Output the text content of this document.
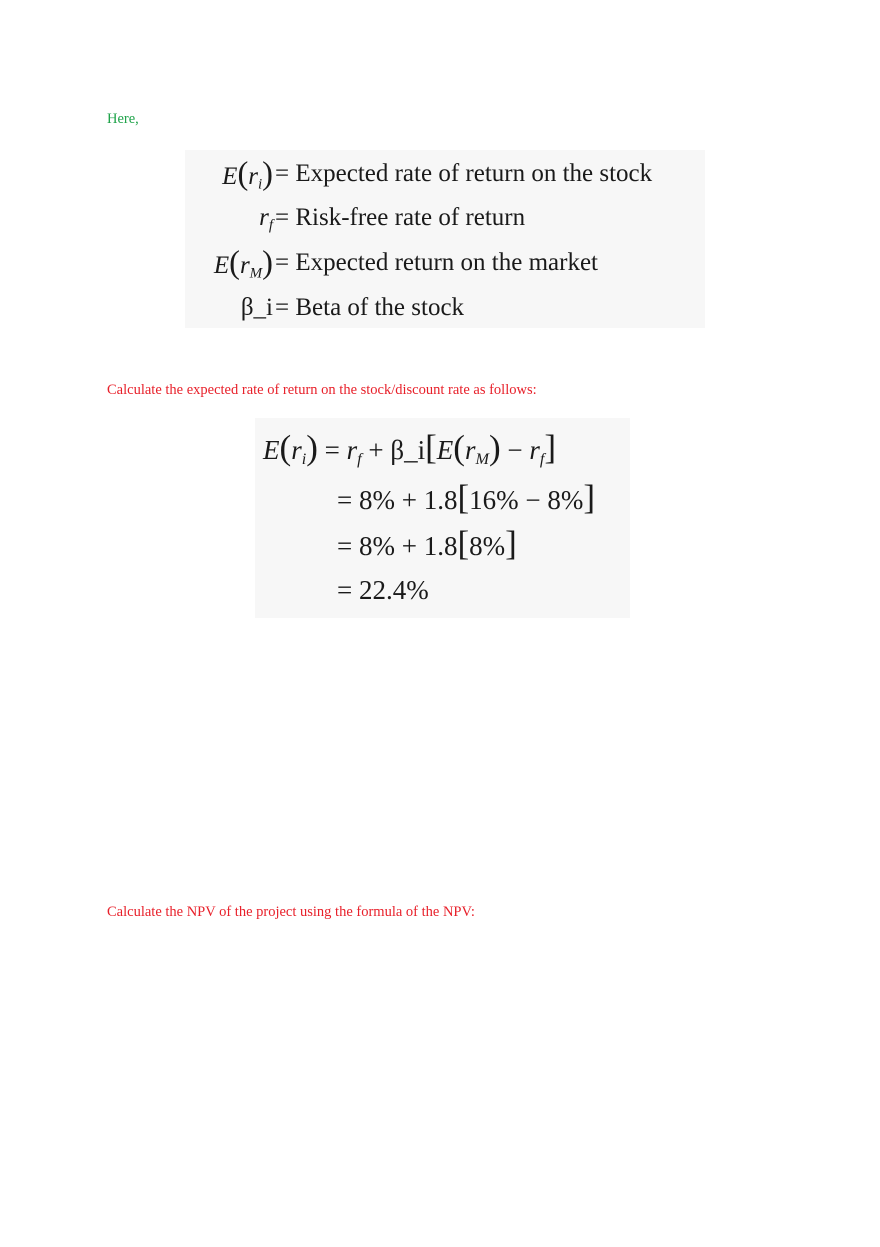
Here,
$E(r_i)$ = Expected rate of return on the stock
$r_f$ = Risk-free rate of return
$E(r_M)$ = Expected return on the market
β_i = Beta of the stock
Calculate the expected rate of return on the stock/discount rate as follows:
$E(r_i) = r_f$ + $\beta\_i[E(r_M) - r_f]$
= 8% + 1.8[16% − 8%]
= 8% + 1.8[8%]
= 22.4%
Calculate the NPV of the project using the formula of the NPV:
